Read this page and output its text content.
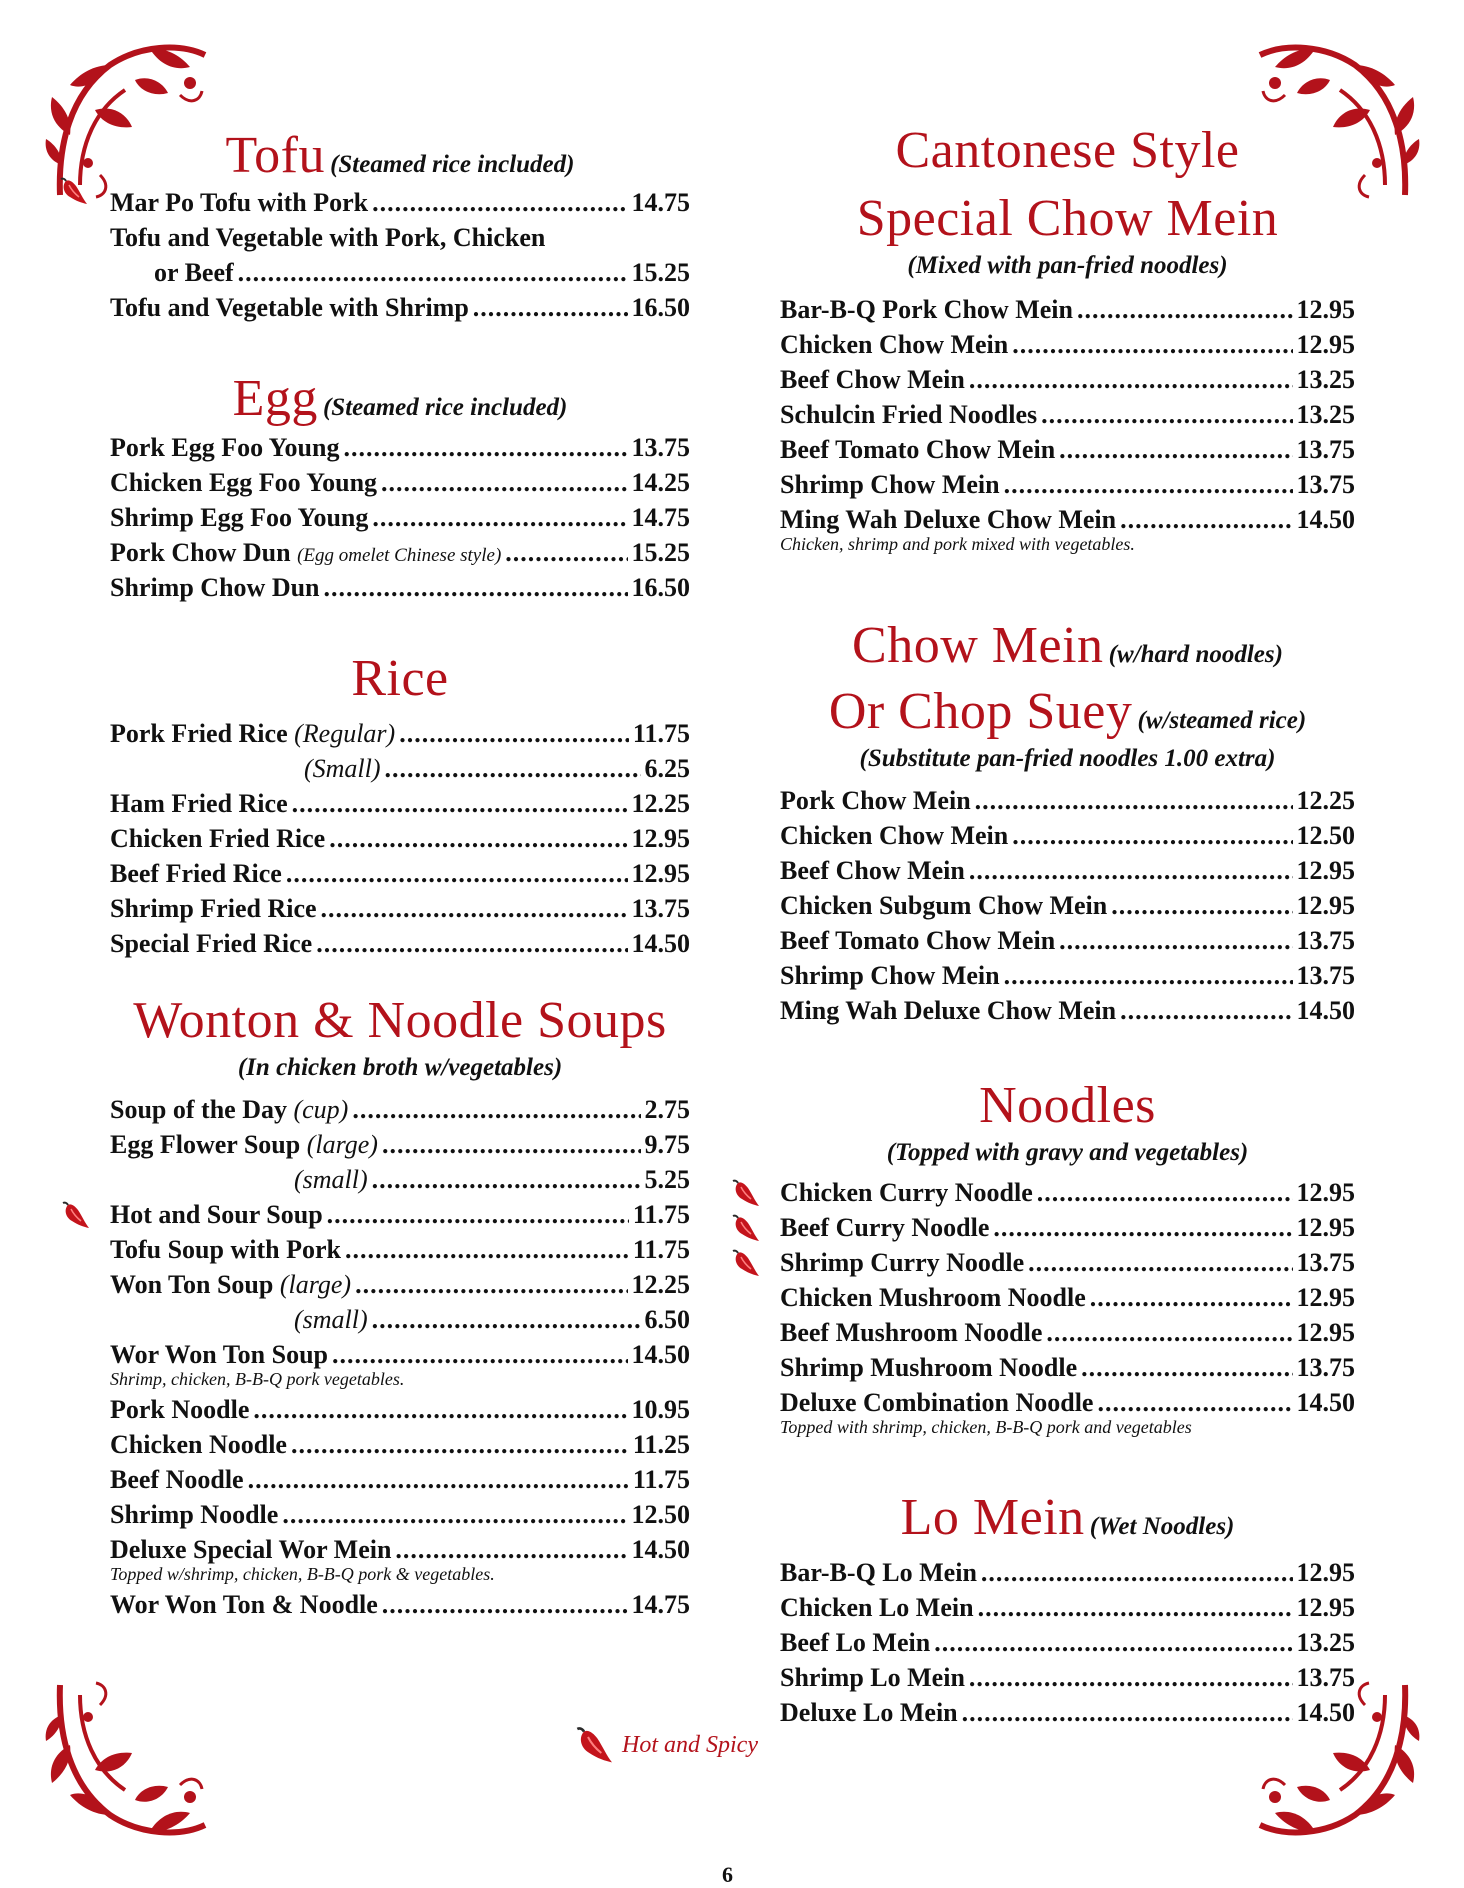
Tofu (Steamed rice included)
Mar Po Tofu with Pork .....	14.75
Tofu and Vegetable with Pork, Chicken
or Beef .....	15.25
Tofu and Vegetable with Shrimp .....	16.50
Egg (Steamed rice included)
Pork Egg Foo Young .....	13.75
Chicken Egg Foo Young .....	14.25
Shrimp Egg Foo Young .....	14.75
Pork Chow Dun (Egg omelet Chinese style) .....	15.25
Shrimp Chow Dun .....	16.50
Rice
Pork Fried Rice (Regular) .....	11.75
(Small) .....	6.25
Ham Fried Rice .....	12.25
Chicken Fried Rice .....	12.95
Beef Fried Rice .....	12.95
Shrimp Fried Rice .....	13.75
Special Fried Rice .....	14.50
Wonton & Noodle Soups
(In chicken broth w/vegetables)
Soup of the Day (cup) .....	2.75
Egg Flower Soup (large) .....	9.75
(small) .....	5.25
Hot and Sour Soup .....	11.75
Tofu Soup with Pork .....	11.75
Won Ton Soup (large) .....	12.25
(small) .....	6.50
Wor Won Ton Soup .....	14.50
Shrimp, chicken, B-B-Q pork vegetables.
Pork Noodle .....	10.95
Chicken Noodle .....	11.25
Beef Noodle .....	11.75
Shrimp Noodle .....	12.50
Deluxe Special Wor Mein .....	14.50
Topped w/shrimp, chicken, B-B-Q pork & vegetables.
Wor Won Ton & Noodle .....	14.75
Cantonese Style
Special Chow Mein
(Mixed with pan-fried noodles)
Bar-B-Q Pork Chow Mein .....	12.95
Chicken Chow Mein .....	12.95
Beef Chow Mein .....	13.25
Schulcin Fried Noodles .....	13.25
Beef Tomato Chow Mein .....	13.75
Shrimp Chow Mein .....	13.75
Ming Wah Deluxe Chow Mein .....	14.50
Chicken, shrimp and pork mixed with vegetables.
Chow Mein (w/hard noodles)
Or Chop Suey (w/steamed rice)
(Substitute pan-fried noodles 1.00 extra)
Pork Chow Mein .....	12.25
Chicken Chow Mein .....	12.50
Beef Chow Mein .....	12.95
Chicken Subgum Chow Mein .....	12.95
Beef Tomato Chow Mein .....	13.75
Shrimp Chow Mein .....	13.75
Ming Wah Deluxe Chow Mein .....	14.50
Noodles
(Topped with gravy and vegetables)
Chicken Curry Noodle .....	12.95
Beef Curry Noodle .....	12.95
Shrimp Curry Noodle .....	13.75
Chicken Mushroom Noodle .....	12.95
Beef Mushroom Noodle .....	12.95
Shrimp Mushroom Noodle .....	13.75
Deluxe Combination Noodle .....	14.50
Topped with shrimp, chicken, B-B-Q pork and vegetables
Lo Mein (Wet Noodles)
Bar-B-Q Lo Mein .....	12.95
Chicken Lo Mein .....	12.95
Beef Lo Mein .....	13.25
Shrimp Lo Mein .....	13.75
Deluxe Lo Mein .....	14.50
Hot and Spicy
6
